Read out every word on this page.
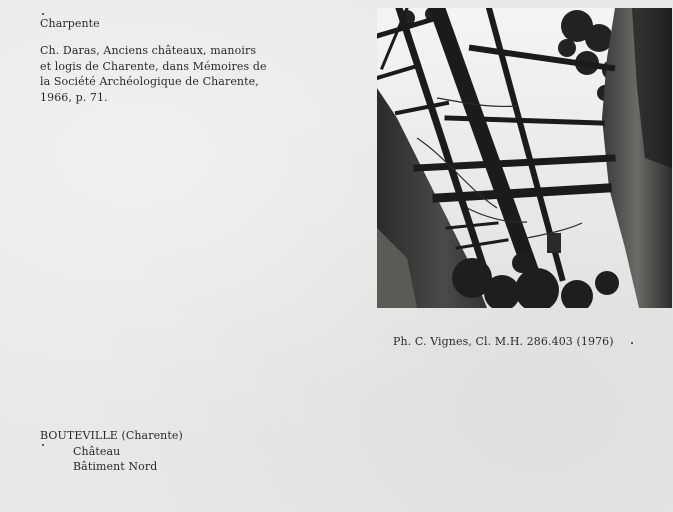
Charpente
Ch. Daras, Anciens châteaux, manoirs
et logis de Charente, dans Mémoires de
la Société Archéologique de Charente,
1966, p. 71.
Ph. C. Vignes, Cl. M.H. 286.403 (1976)
BOUTEVILLE (Charente)
Château
Bâtiment Nord
